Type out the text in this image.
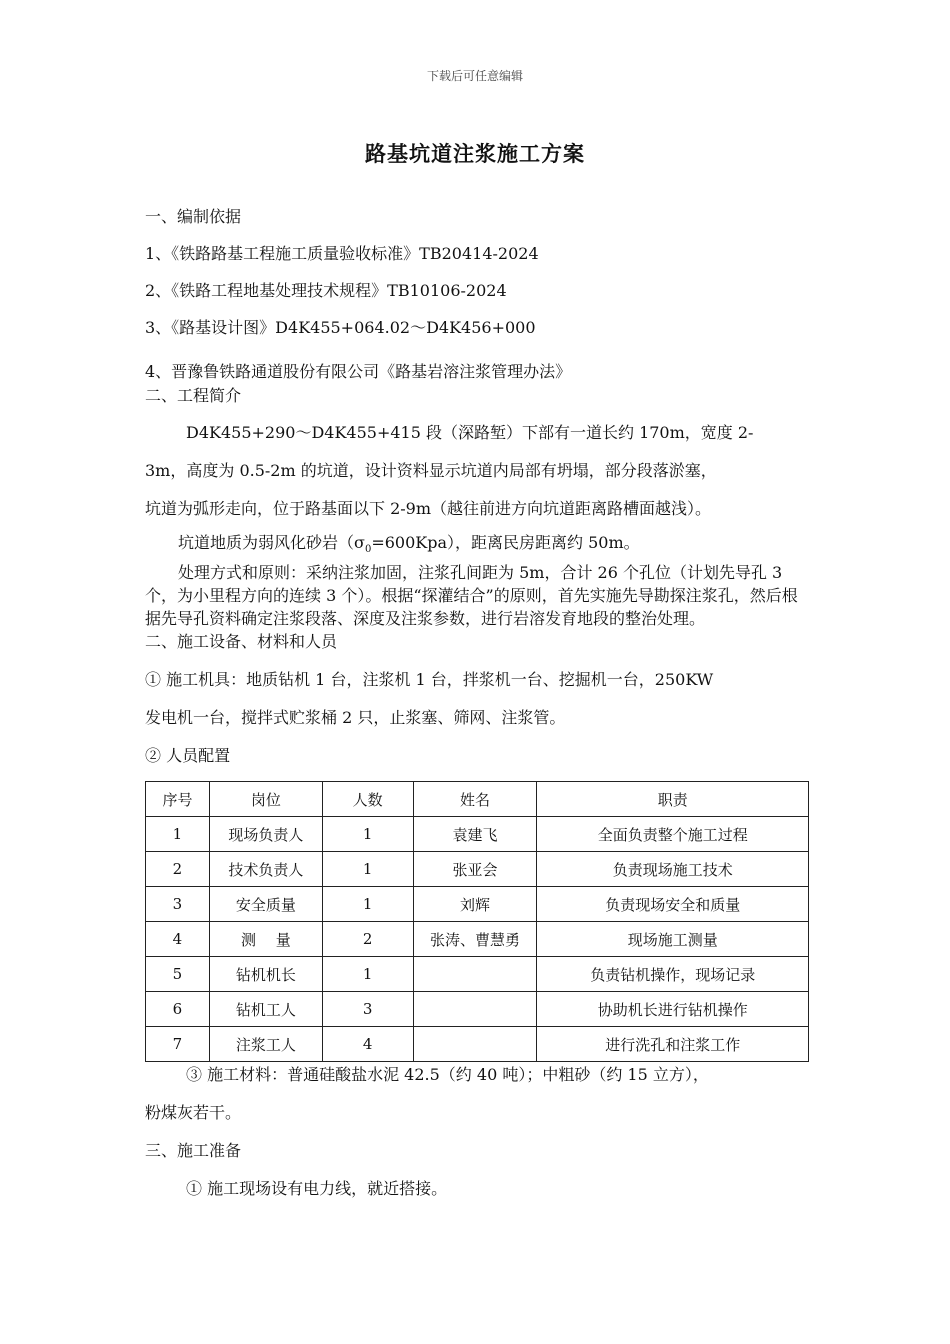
下载后可任意编辑
路基坑道注浆施工方案

一、编制依据

1、《铁路路基工程施工质量验收标准》TB20414-2024

2、《铁路工程地基处理技术规程》TB10106-2024

3、《路基设计图》D4K455+064.02～D4K456+000

4、晋豫鲁铁路通道股份有限公司《路基岩溶注浆管理办法》

二、工程简介

D4K455+290～D4K455+415 段（深路堑）下部有一道长约 170m，宽度 2-

3m，高度为 0.5-2m 的坑道，设计资料显示坑道内局部有坍塌，部分段落淤塞，

坑道为弧形走向，位于路基面以下 2-9m（越往前进方向坑道距离路槽面越浅）。

坑道地质为弱风化砂岩$(\sigma_0=600Kpa)$，距离民房距离约 50m。

处理方式和原则：采纳注浆加固，注浆孔间距为 5m，合计 26 个孔位（计划先导孔 3 个，为小里程方向的连续 3 个）。根据“探灌结合”的原则，首先实施先导勘探注浆孔，然后根据先导孔资料确定注浆段落、深度及注浆参数，进行岩溶发育地段的整治处理。

二、施工设备、材料和人员

① 施工机具：地质钻机 1 台，注浆机 1 台，拌浆机一台、挖掘机一台，250KW

发电机一台，搅拌式贮浆桶 2 只，止浆塞、筛网、注浆管。

② 人员配置

序号	岗位	人数	姓名	职责
1	现场负责人	1	袁建飞	全面负责整个施工过程
2	技术负责人	1	张亚会	负责现场施工技术
3	安全质量	1	刘辉	负责现场安全和质量
4	测　 量	2	张涛、曹慧勇	现场施工测量
5	钻机机长	1		负责钻机操作，现场记录
6	钻机工人	3		协助机长进行钻机操作
7	注浆工人	4		进行洗孔和注浆工作

③ 施工材料：普通硅酸盐水泥 42.5（约 40 吨）；中粗砂（约 15 立方），

粉煤灰若干。

三、施工准备

① 施工现场设有电力线，就近搭接。
